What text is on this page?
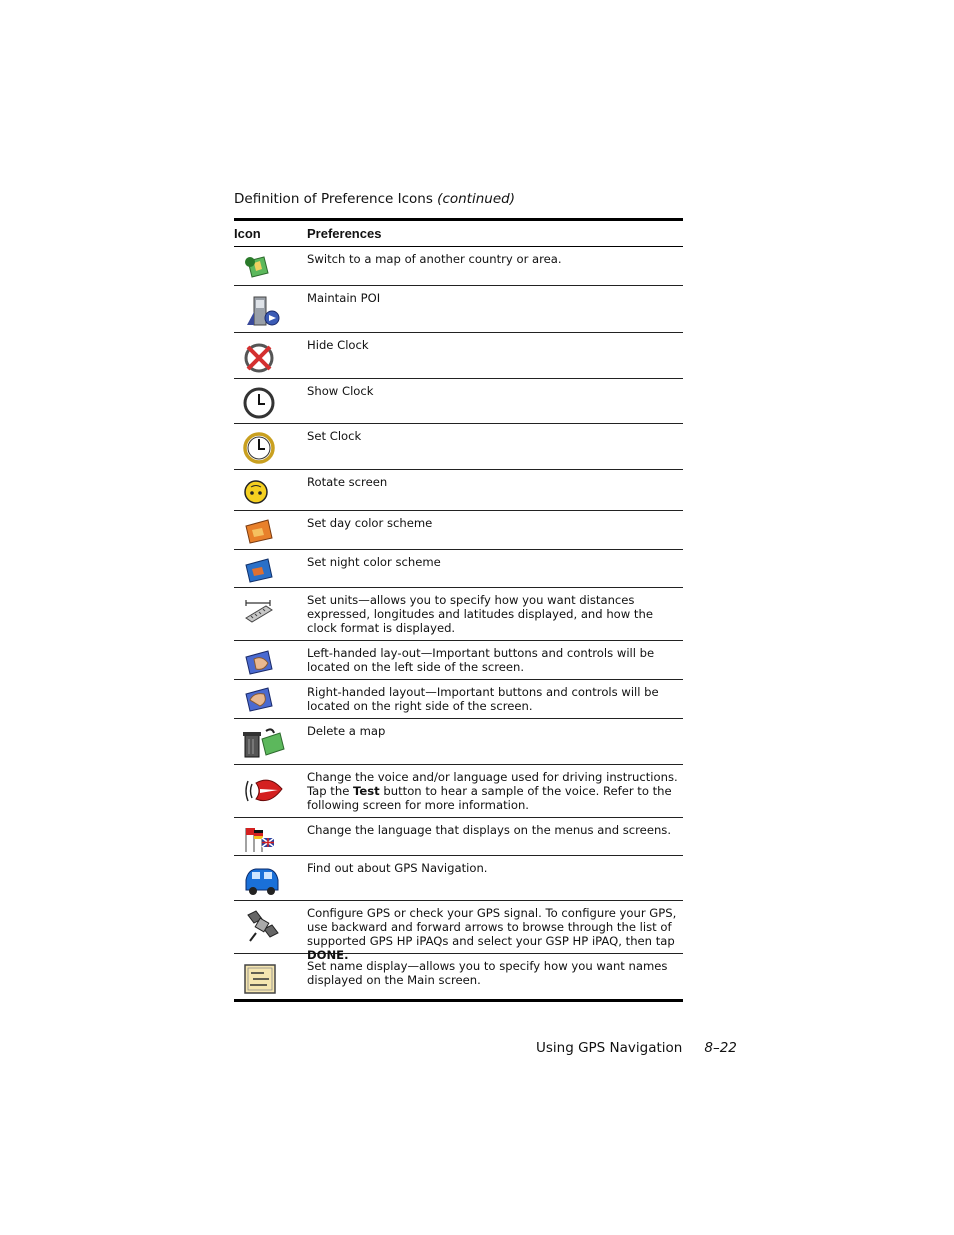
Definition of Preference Icons (continued)
Icon	Preferences
Switch to a map of another country or area.
Maintain POI
Hide Clock
Show Clock
Set Clock
Rotate screen
Set day color scheme
Set night color scheme
Set units—allows you to specify how you want distances expressed, longitudes and latitudes displayed, and how the clock format is displayed.
Left-handed lay-out—Important buttons and controls will be located on the left side of the screen.
Right-handed layout—Important buttons and controls will be located on the right side of the screen.
Delete a map
Change the voice and/or language used for driving instructions. Tap the Test button to hear a sample of the voice. Refer to the following screen for more information.
Change the language that displays on the menus and screens.
Find out about GPS Navigation.
Configure GPS or check your GPS signal. To configure your GPS, use backward and forward arrows to browse through the list of supported GPS HP iPAQs and select your GSP HP iPAQ, then tap DONE.
Set name display—allows you to specify how you want names displayed on the Main screen.
Using GPS Navigation 8–22
